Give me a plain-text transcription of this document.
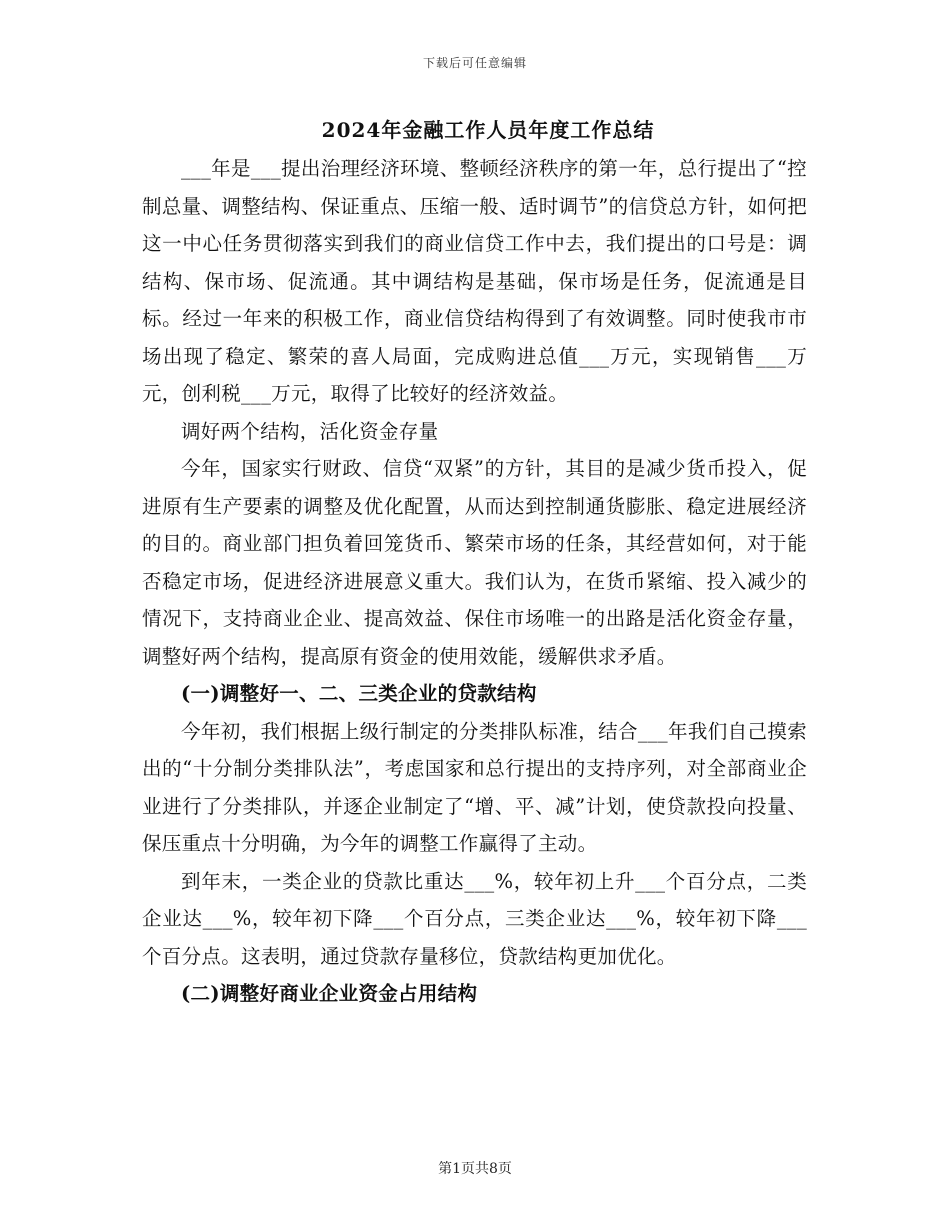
下载后可任意编辑
2024年金融工作人员年度工作总结

___年是___提出治理经济环境、整顿经济秩序的第一年，总行提出了“控制总量、调整结构、保证重点、压缩一般、适时调节”的信贷总方针，如何把这一中心任务贯彻落实到我们的商业信贷工作中去，我们提出的口号是：调结构、保市场、促流通。其中调结构是基础，保市场是任务，促流通是目标。经过一年来的积极工作，商业信贷结构得到了有效调整。同时使我市市场出现了稳定、繁荣的喜人局面，完成购进总值___万元，实现销售___万元，创利税___万元，取得了比较好的经济效益。

调好两个结构，活化资金存量

今年，国家实行财政、信贷“双紧”的方针，其目的是减少货币投入，促进原有生产要素的调整及优化配置，从而达到控制通货膨胀、稳定进展经济的目的。商业部门担负着回笼货币、繁荣市场的任条，其经营如何，对于能否稳定市场，促进经济进展意义重大。我们认为，在货币紧缩、投入减少的情况下，支持商业企业、提高效益、保住市场唯一的出路是活化资金存量，调整好两个结构，提高原有资金的使用效能，缓解供求矛盾。

(一)调整好一、二、三类企业的贷款结构

今年初，我们根据上级行制定的分类排队标准，结合___年我们自己摸索出的“十分制分类排队法”，考虑国家和总行提出的支持序列，对全部商业企业进行了分类排队，并逐企业制定了“增、平、减”计划，使贷款投向投量、保压重点十分明确，为今年的调整工作赢得了主动。

到年末，一类企业的贷款比重达___%，较年初上升___个百分点，二类企业达___%，较年初下降___个百分点，三类企业达___%，较年初下降___个百分点。这表明，通过贷款存量移位，贷款结构更加优化。

(二)调整好商业企业资金占用结构

第1页共8页
